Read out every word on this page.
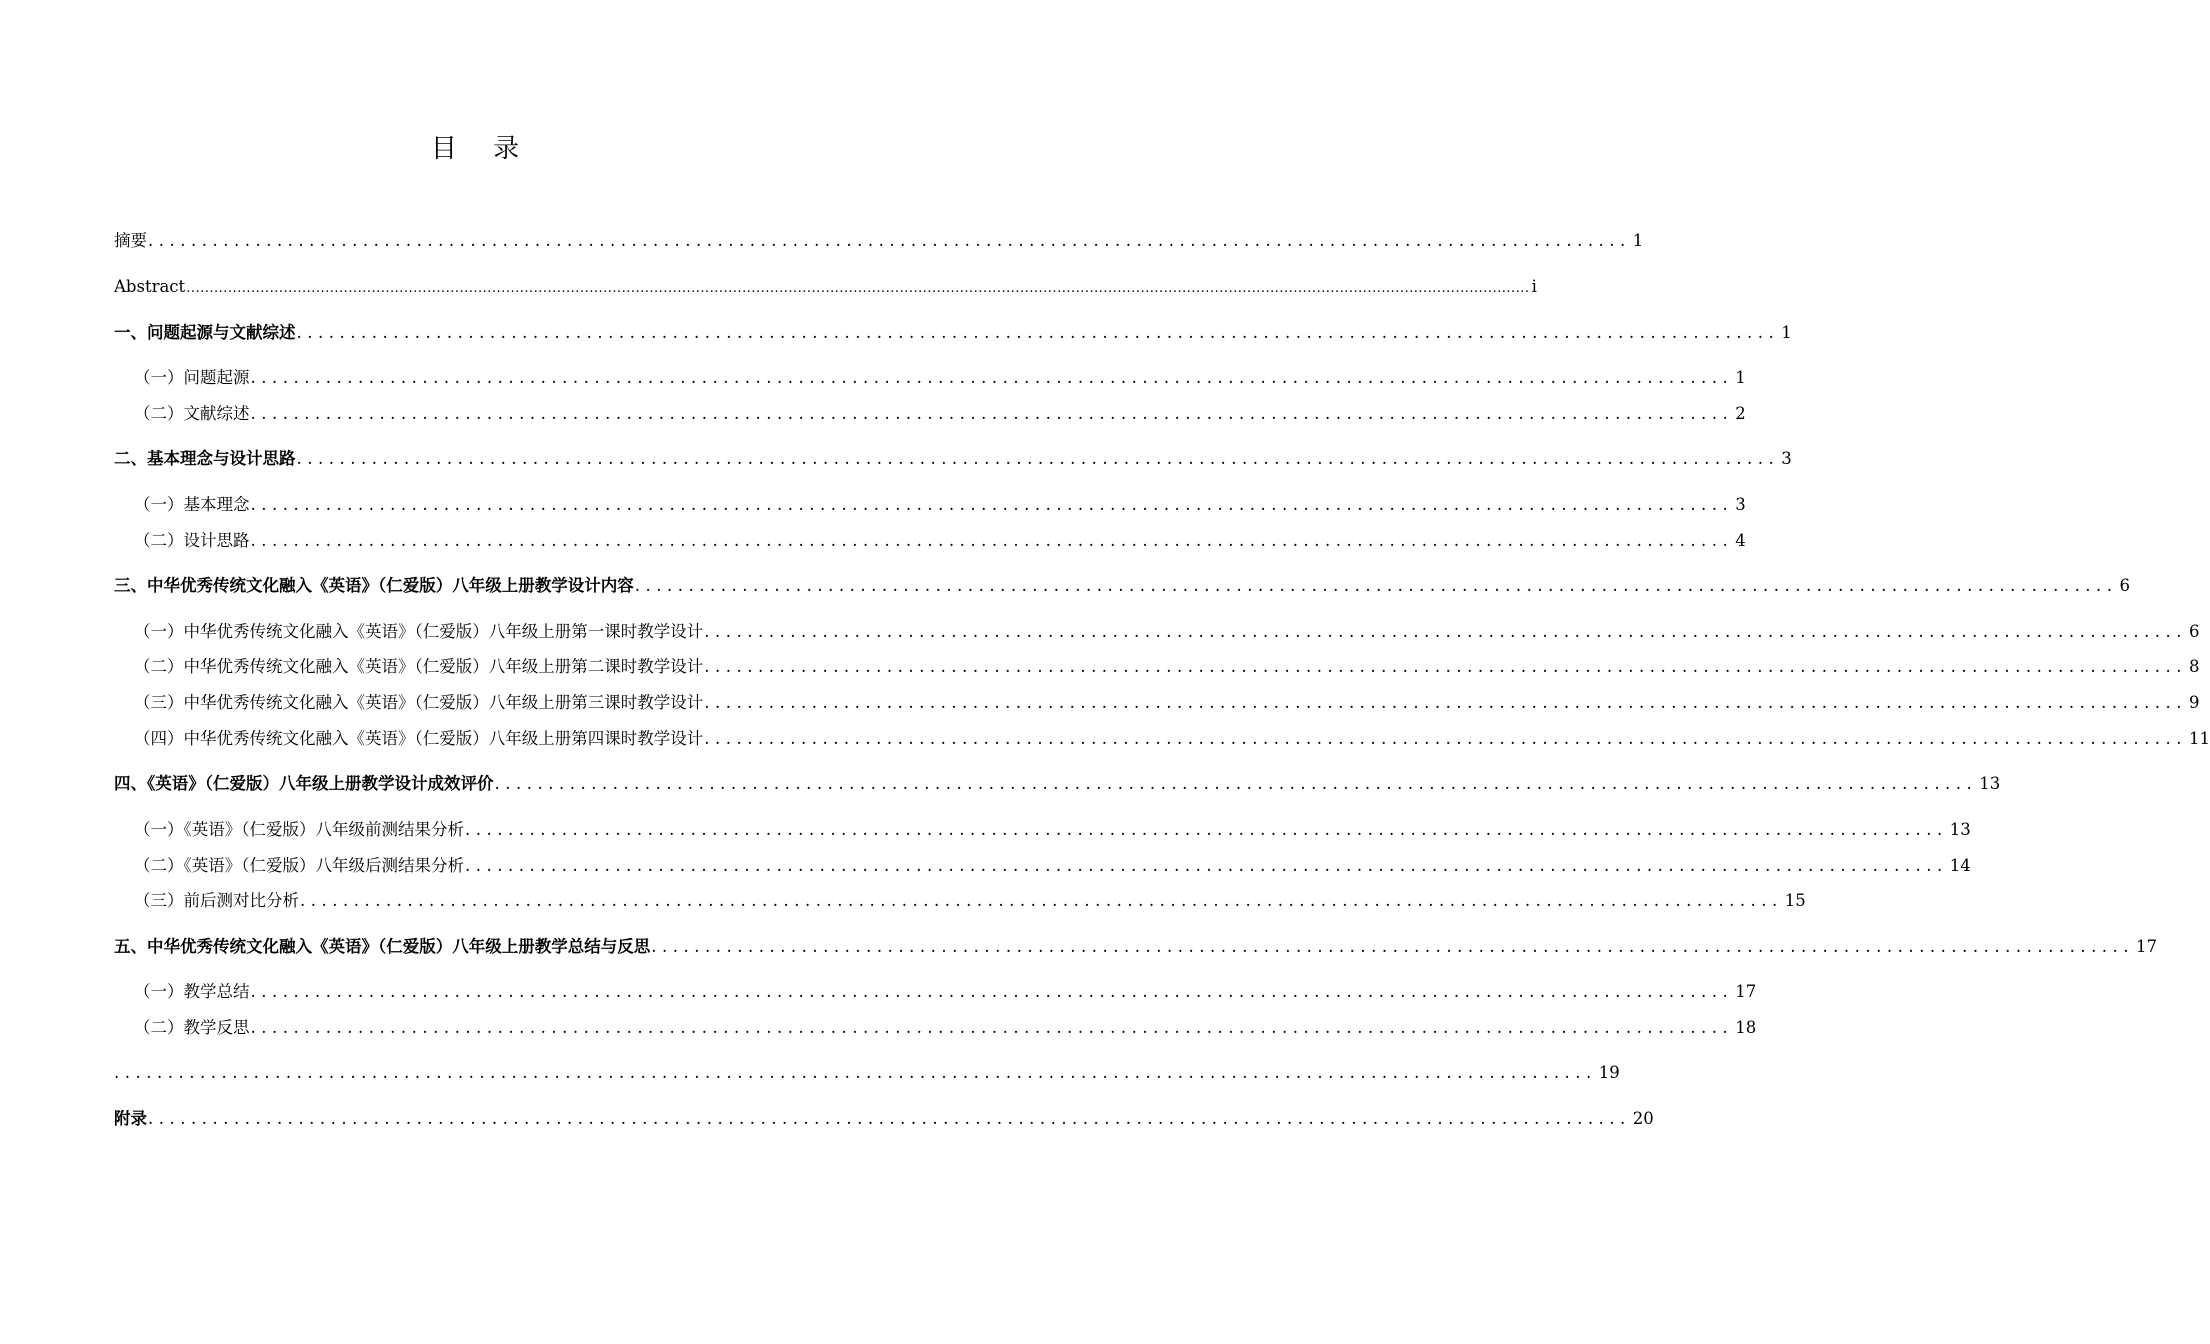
目 录
摘要 .......................................................................................................................................... 1
Abstract .................................................................................................................................................................................................................................................................................................. i
一、问题起源与文献综述 .......................................................................................................................................... 1
（一）问题起源 .......................................................................................................................................... 1
（二）文献综述 .......................................................................................................................................... 2
二、基本理念与设计思路 .......................................................................................................................................... 3
（一）基本理念 .......................................................................................................................................... 3
（二）设计思路 .......................................................................................................................................... 4
三、中华优秀传统文化融入《英语》（仁爱版）八年级上册教学设计内容 .......................................................................................................................................... 6
（一）中华优秀传统文化融入《英语》（仁爱版）八年级上册第一课时教学设计 .......................................................................................................................................... 6
（二）中华优秀传统文化融入《英语》（仁爱版）八年级上册第二课时教学设计 .......................................................................................................................................... 8
（三）中华优秀传统文化融入《英语》（仁爱版）八年级上册第三课时教学设计 .......................................................................................................................................... 9
（四）中华优秀传统文化融入《英语》（仁爱版）八年级上册第四课时教学设计 .......................................................................................................................................... 11
四、《英语》（仁爱版）八年级上册教学设计成效评价 .......................................................................................................................................... 13
（一）《英语》（仁爱版）八年级前测结果分析 .......................................................................................................................................... 13
（二）《英语》（仁爱版）八年级后测结果分析 .......................................................................................................................................... 14
（三）前后测对比分析 .......................................................................................................................................... 15
五、中华优秀传统文化融入《英语》（仁爱版）八年级上册教学总结与反思 .......................................................................................................................................... 17
（一）教学总结 .......................................................................................................................................... 17
（二）教学反思 .......................................................................................................................................... 18
.......................................................................................................................................... 19
附录 .......................................................................................................................................... 20
